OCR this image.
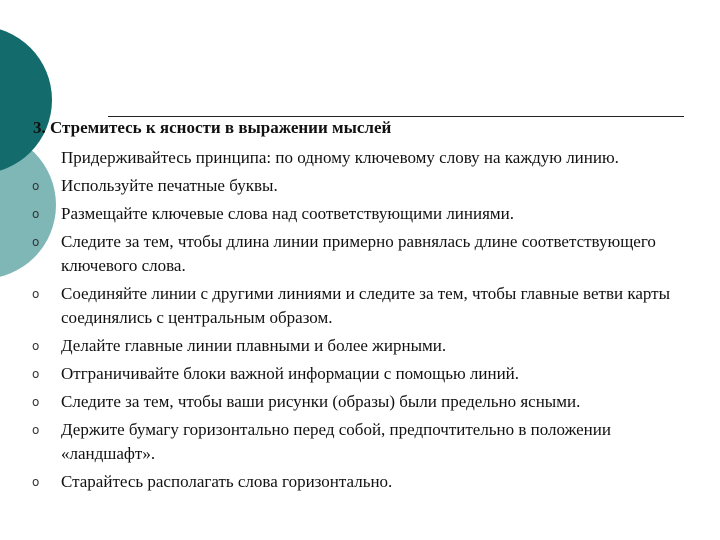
3. Стремитесь к ясности в выражении мыслей
Придерживайтесь принципа: по одному ключевому слову на каждую линию.
o Используйте печатные буквы.
o Размещайте ключевые слова над соответствующими линиями.
o Следите за тем, чтобы длина линии примерно равнялась длине соответствующего ключевого слова.
o Соединяйте линии с другими линиями и следите за тем, чтобы главные ветви карты соединялись с центральным образом.
o Делайте главные линии плавными и более жирными.
o Отграничивайте блоки важной информации с помощью линий.
o Следите за тем, чтобы ваши рисунки (образы) были предельно ясными.
o Держите бумагу горизонтально перед собой, предпочтительно в положении «ландшафт».
o Старайтесь располагать слова горизонтально.
